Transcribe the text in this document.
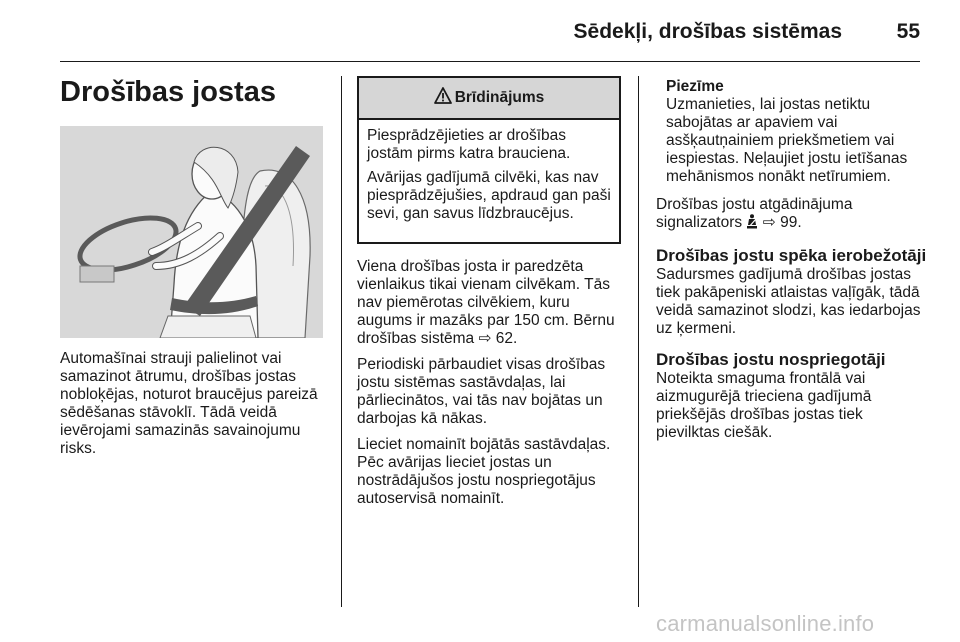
Sēdekļi, drošības sistēmas	55
Drošības jostas

Automašīnai strauji palielinot vai samazinot ātrumu, drošības jostas nobloķējas, noturot braucējus pareizā sēdēšanas stāvoklī. Tādā veidā ievērojami samazinās savainojumu risks.

Brīdinājums

Piesprādzējieties ar drošības jostām pirms katra brauciena.

Avārijas gadījumā cilvēki, kas nav piesprādzējušies, apdraud gan paši sevi, gan savus līdzbraucējus.

Viena drošības josta ir paredzēta vienlaikus tikai vienam cilvēkam. Tās nav piemērotas cilvēkiem, kuru augums ir mazāks par 150 cm. Bērnu drošības sistēma ⇨ 62.

Periodiski pārbaudiet visas drošības jostu sistēmas sastāvdaļas, lai pārliecinātos, vai tās nav bojātas un darbojas kā nākas.

Lieciet nomainīt bojātās sastāvdaļas. Pēc avārijas lieciet jostas un nostrādājušos jostu nospriegotājus autoservisā nomainīt.

Piezīme
Uzmanieties, lai jostas netiktu sabojātas ar apaviem vai asšķautņainiem priekšmetiem vai iespiestas. Neļaujiet jostu ietīšanas mehānismos nonākt netīrumiem.

Drošības jostu atgādinājuma signalizators ⇨ 99.

Drošības jostu spēka ierobežotāji

Sadursmes gadījumā drošības jostas tiek pakāpeniski atlaistas vaļīgāk, tādā veidā samazinot slodzi, kas iedarbojas uz ķermeni.

Drošības jostu nospriegotāji

Noteikta smaguma frontālā vai aizmugurējā trieciena gadījumā priekšējās drošības jostas tiek pievilktas ciešāk.

carmanualsonline.info
